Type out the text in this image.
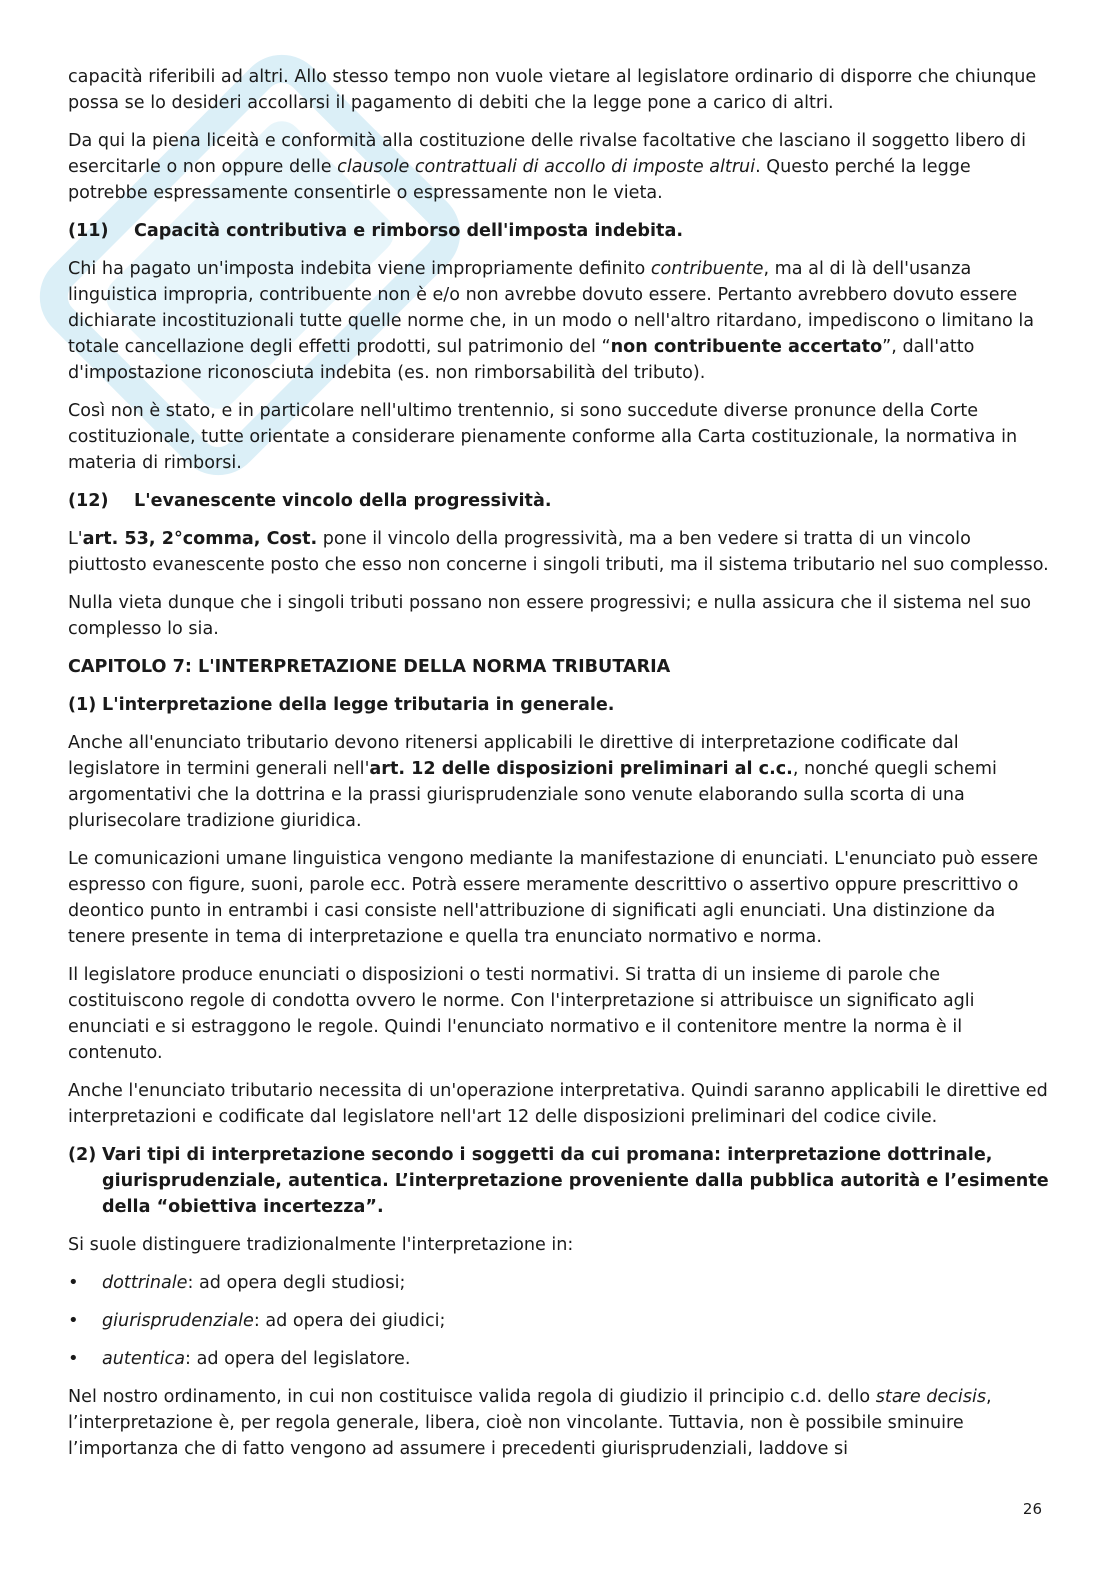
capacità riferibili ad altri. Allo stesso tempo non vuole vietare al legislatore ordinario di disporre che chiunque possa se lo desideri accollarsi il pagamento di debiti che la legge pone a carico di altri.

Da qui la piena liceità e conformità alla costituzione delle rivalse facoltative che lasciano il soggetto libero di esercitarle o non oppure delle clausole contrattuali di accollo di imposte altrui. Questo perché la legge potrebbe espressamente consentirle o espressamente non le vieta.

(11)	Capacità contributiva e rimborso dell'imposta indebita.

Chi ha pagato un'imposta indebita viene impropriamente definito contribuente, ma al di là dell'usanza linguistica impropria, contribuente non è e/o non avrebbe dovuto essere. Pertanto avrebbero dovuto essere dichiarate incostituzionali tutte quelle norme che, in un modo o nell'altro ritardano, impediscono o limitano la totale cancellazione degli effetti prodotti, sul patrimonio del “non contribuente accertato”, dall'atto d'impostazione riconosciuta indebita (es. non rimborsabilità del tributo).

Così non è stato, e in particolare nell'ultimo trentennio, si sono succedute diverse pronunce della Corte costituzionale, tutte orientate a considerare pienamente conforme alla Carta costituzionale, la normativa in materia di rimborsi.

(12)	L'evanescente vincolo della progressività.

L'art. 53, 2°comma, Cost. pone il vincolo della progressività, ma a ben vedere si tratta di un vincolo piuttosto evanescente posto che esso non concerne i singoli tributi, ma il sistema tributario nel suo complesso.

Nulla vieta dunque che i singoli tributi possano non essere progressivi; e nulla assicura che il sistema nel suo complesso lo sia.

CAPITOLO 7: L'INTERPRETAZIONE DELLA NORMA TRIBUTARIA
(1) L'interpretazione della legge tributaria in generale.

Anche all'enunciato tributario devono ritenersi applicabili le direttive di interpretazione codificate dal legislatore in termini generali nell'art. 12 delle disposizioni preliminari al c.c., nonché quegli schemi argomentativi che la dottrina e la prassi giurisprudenziale sono venute elaborando sulla scorta di una plurisecolare tradizione giuridica.

Le comunicazioni umane linguistica vengono mediante la manifestazione di enunciati. L'enunciato può essere espresso con figure, suoni, parole ecc. Potrà essere meramente descrittivo o assertivo oppure prescrittivo o deontico punto in entrambi i casi consiste nell'attribuzione di significati agli enunciati. Una distinzione da tenere presente in tema di interpretazione e quella tra enunciato normativo e norma.

Il legislatore produce enunciati o disposizioni o testi normativi. Si tratta di un insieme di parole che costituiscono regole di condotta ovvero le norme. Con l'interpretazione si attribuisce un significato agli enunciati e si estraggono le regole. Quindi l'enunciato normativo e il contenitore mentre la norma è il contenuto.

Anche l'enunciato tributario necessita di un'operazione interpretativa. Quindi saranno applicabili le direttive ed interpretazioni e codificate dal legislatore nell'art 12 delle disposizioni preliminari del codice civile.

(2) Vari tipi di interpretazione secondo i soggetti da cui promana: interpretazione dottrinale, giurisprudenziale, autentica. L’interpretazione proveniente dalla pubblica autorità e l’esimente della “obiettiva incertezza”.

Si suole distinguere tradizionalmente l'interpretazione in:

•
dottrinale: ad opera degli studiosi;
•
giurisprudenziale: ad opera dei giudici;
•
autentica: ad opera del legislatore.

Nel nostro ordinamento, in cui non costituisce valida regola di giudizio il principio c.d. dello stare decisis, l’interpretazione è, per regola generale, libera, cioè non vincolante. Tuttavia, non è possibile sminuire l’importanza che di fatto vengono ad assumere i precedenti giurisprudenziali, laddove si

26
